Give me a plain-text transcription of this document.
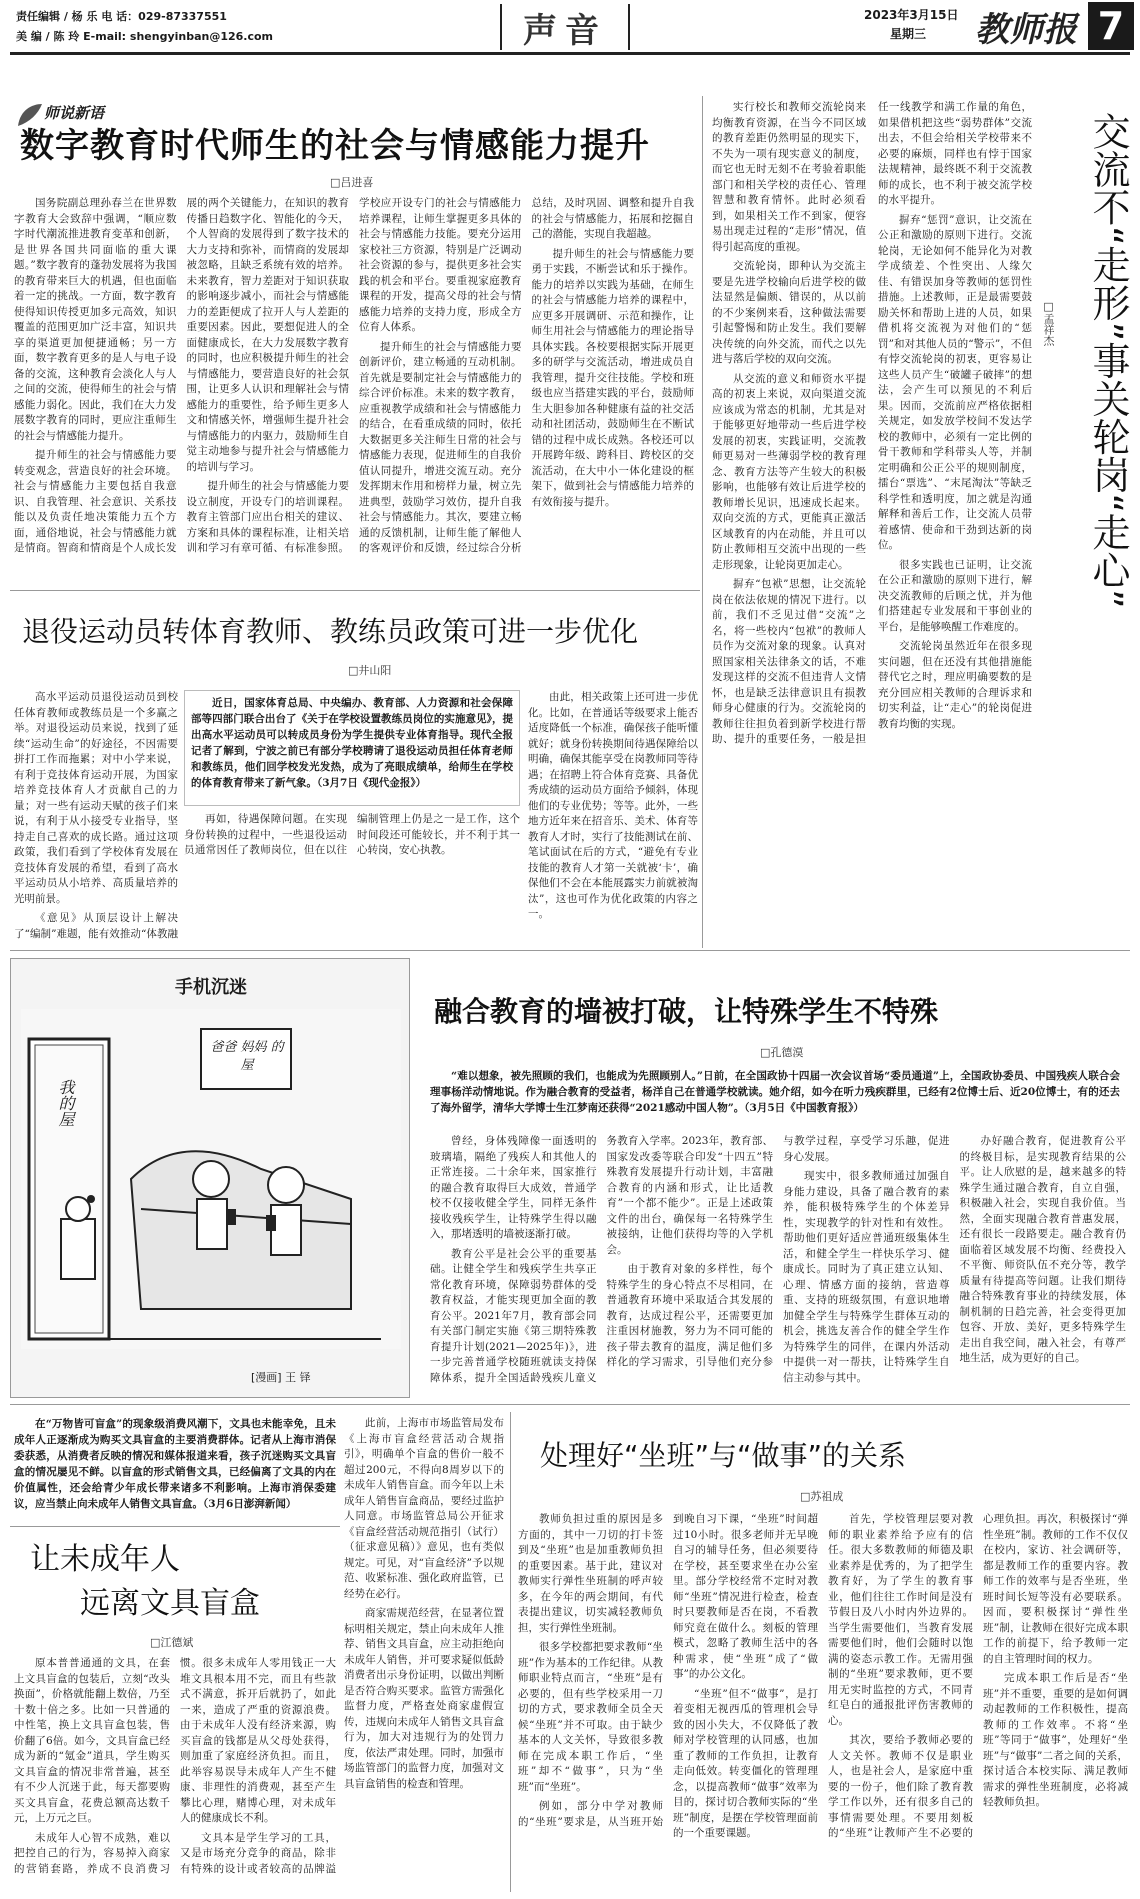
责任编辑 / 杨 乐 电 话：029-87337551
美 编 / 陈 玲 E-mail: shengyinban@126.com	声音	2023年3月15日
星期三 教师报 7
师说新语
数字教育时代师生的社会与情感能力提升
□吕进喜

国务院副总理孙春兰在世界数字教育大会致辞中强调，“顺应数字时代潮流推进教育变革和创新，是世界各国共同面临的重大课题。”数字教育的蓬勃发展将为我国的教育带来巨大的机遇，但也面临着一定的挑战。一方面，数字教育使得知识传授更加多元高效，知识覆盖的范围更加广泛丰富，知识共享的渠道更加便捷通畅；另一方面，数字教育更多的是人与电子设备的交流，这种教育会淡化人与人之间的交流，使得师生的社会与情感能力弱化。因此，我们在大力发展数字教育的同时，更应注重师生的社会与情感能力提升。

提升师生的社会与情感能力要转变观念，营造良好的社会环境。社会与情感能力主要包括自我意识、自我管理、社会意识、关系技能以及负责任地决策能力五个方面，通俗地说，社会与情感能力就是情商。智商和情商是个人成长发展的两个关键能力，在知识的教育传播日趋数字化、智能化的今天，个人智商的发展得到了数字技术的大力支持和弥补，而情商的发展却被忽略，且缺乏系统有效的培养。未来教育，智力差距对于知识获取的影响逐步减小，而社会与情感能力的差距便成了拉开人与人差距的重要因素。因此，要想促进人的全面健康成长，在大力发展数字教育的同时，也应积极提升师生的社会与情感能力，要营造良好的社会氛围，让更多人认识和理解社会与情感能力的重要性，给予师生更多人文和情感关怀，增强师生提升社会与情感能力的内驱力，鼓励师生自觉主动地参与提升社会与情感能力的培训与学习。

提升师生的社会与情感能力要设立制度，开设专门的培训课程。教育主管部门应出台相关的建议、方案和具体的课程标准，让相关培训和学习有章可循、有标准参照。学校应开设专门的社会与情感能力培养课程，让师生掌握更多具体的社会与情感能力技能。要充分运用家校社三方资源，特别是广泛调动社会资源的参与，提供更多社会实践的机会和平台。要重视家庭教育课程的开发，提高父母的社会与情感能力培养的支持力度，形成全方位育人体系。

提升师生的社会与情感能力要创新评价，建立畅通的互动机制。首先就是要制定社会与情感能力的综合评价标准。未来的数字教育，应重视教学成绩和社会与情感能力的结合，在看重成绩的同时，依托大数据更多关注师生日常的社会与情感能力表现，促进师生的自我价值认同提升，增进交流互动。充分发挥期末作用和榜样力量，树立先进典型，鼓励学习效仿，提升自我社会与情感能力。其次，要建立畅通的反馈机制，让师生能了解他人的客观评价和反馈，经过综合分析总结，及时巩固、调整和提升自我的社会与情感能力，拓展和挖掘自己的潜能，实现自我超越。

提升师生的社会与情感能力要勇于实践，不断尝试和乐于操作。能力的培养以实践为基础，在师生的社会与情感能力培养的课程中，应更多开展调研、示范和操作，让师生用社会与情感能力的理论指导具体实践。各校要根据实际开展更多的研学与交流活动，增进成员自我管理，提升交往技能。学校和班级也应当搭建实践的平台，鼓励师生大胆参加各种健康有益的社交活动和社团活动，鼓励师生在不断试错的过程中成长成熟。各校还可以开展跨年级、跨科目、跨校区的交流活动，在大中小一体化建设的框架下，做到社会与情感能力培养的有效衔接与提升。

退役运动员转体育教师、教练员政策可进一步优化
□井山阳

近日，国家体育总局、中央编办、教育部、人力资源和社会保障部等四部门联合出台了《关于在学校设置教练员岗位的实施意见》，提出高水平运动员可以转成员身份为学生提供专业体育指导。现代全报记者了解到，宁波之前已有部分学校聘请了退役运动员担任体育老师和教练员，他们回学校发光发热，成为了亮眼成绩单，给师生在学校的体育教育带来了新气象。（3月7日《现代金报》）

高水平运动员退役运动员到校任体育教师或教练员是一个多赢之举。对退役运动员来说，找到了延续“运动生命”的好途径，不因需要拼打工作而拖累；对中小学来说，有利于竞技体育运动开展，为国家培养竞技体育人才贡献自己的力量；对一些有运动天赋的孩子们来说，有利于从小接受专业指导，坚持走自己喜欢的成长路。通过这项政策，我们看到了学校体育发展在竞技体育发展的希望，看到了高水平运动员从小培养、高质量培养的光明前景。

《意见》从顶层设计上解决了“编制”难题，能有效推动“体教融

再如，待遇保障问题。在实现身份转换的过程中，一些退役运动员通常因任了教师岗位，但在以往编制管理上仍是之一是工作，这个时间段还可能较长，并不利于其一心转岗，安心执教。

由此，相关政策上还可进一步优化。比如，在普通话等级要求上能否适度降低一个标准，确保孩子能听懂就好；就身份转换期间待遇保障给以明确，确保其能享受在岗教师同等待遇；在招聘上符合体育竞赛、具备优秀成绩的运动员方面给予倾斜，体现他们的专业优势；等等。此外，一些地方近年来在招音乐、美术、体育等教育人才时，实行了技能测试在前、笔试面试在后的方式，“避免有专业技能的教育人才第一关就被‘卡’，确保他们不会在本能展露实力前就被淘汰”，这也可作为优化政策的内容之一。

交流不“走形”事关轮岗“走心”
□孟祥杰

实行校长和教师交流轮岗来均衡教育资源，在当今不同区域的教育差距仍然明显的现实下，不失为一项有现实意义的制度，而它也无时无刻不在考验着职能部门和相关学校的责任心、管理智慧和教育情怀。此时必须看到，如果相关工作不到家，便容易出现走过程的“走形”情况，值得引起高度的重视。

交流轮岗，即种认为交流主要是先进学校输向后进学校的做法显然是偏颇、错误的，从以前的不少案例来看，这种做法需要引起警惕和防止发生。我们要解决传统的向外交流，而代之以先进与落后学校的双向交流。

从交流的意义和师资水平提高的初衷上来说，双向渠道交流应该成为常态的机制，尤其是对于能够更好地带动一些后进学校发展的初衷，实践证明，交流教师更易对一些薄弱学校的教育理念、教育方法等产生较大的积极影响，也能够有效让后进学校的教师增长见识，迅速成长起来。双向交流的方式，更能真正激活区域教育的内在动能，并且可以防止教师相互交流中出现的一些走形现象，让轮岗更加走心。

摒弃“包袱”思想，让交流轮岗在依法依规的情况下进行。以前，我们不乏见过借“交流”之名，将一些校内“包袱”的教师人员作为交流对象的现象。认真对照国家相关法律条文的话，不难发现这样的交流不但违背人文情怀，也是缺乏法律意识且有损教师身心健康的行为。交流轮岗的教师往往担负着到新学校进行帮助、提升的重要任务，一般是担任一线教学和满工作量的角色，如果借机把这些“弱势群体”交流出去，不但会给相关学校带来不必要的麻烦，同样也有悖于国家法规精神，最终既不利于交流教师的成长，也不利于被交流学校的水平提升。

摒弃“惩罚”意识，让交流在公正和激励的原则下进行。交流轮岗，无论如何不能异化为对教学成绩差、个性突出、人缘欠佳、有错误加身等教师的惩罚性措施。上述教师，正是最需要鼓励关怀和帮助上进的人员，如果借机将交流视为对他们的“惩罚”和对其他人员的“警示”，不但有悖交流轮岗的初衷，更容易让这些人员产生“破罐子破摔”的想法，会产生可以预见的不利后果。因而，交流前应严格依据相关规定，如发放学校间不发达学校的教师中，必须有一定比例的骨干教师和学科带头人等，并制定明确和公正公平的规则制度，擂台“票选”、“末尾淘汰”等缺乏科学性和透明度，加之就是沟通解释和善后工作，让交流人员带着感情、使命和干劲到达新的岗位。

很多实践也已证明，让交流在公正和激励的原则下进行，解决交流教师的后顾之忧，并为他们搭建起专业发展和干事创业的平台，是能够唤醒工作难度的。

交流轮岗虽然近年在很多现实问题，但在还没有其他措施能替代它之时，理应明确要数的是充分回应相关教师的合理诉求和切实利益，让“走心”的轮岗促进教育均衡的实现。

手机沉迷
我的屋
爸爸 妈妈 的屋
[漫画] 王 铎
融合教育的墙被打破，让特殊学生不特殊
□孔德漠

“难以想象，被先照顾的我们，也能成为先照顾别人。”日前，在全国政协十四届一次会议首场“委员通道”上，全国政协委员、中国残疾人联合会理事杨洋动情地说。作为融合教育的受益者，杨洋自己在普通学校就读。她介绍，如今在听力残疾群里，已经有2位博士后、近20位博士，有的还去了海外留学，清华大学博士生江梦南还获得“2021感动中国人物”。（3月5日《中国教育报》）

曾经，身体残障像一面透明的玻璃墙，隔绝了残疾人和其他人的正常连接。二十余年来，国家推行的融合教育取得巨大成效，普通学校不仅接收健全学生，同样无条件接收残疾学生，让特殊学生得以融入，那堵透明的墙被逐渐打破。

教育公平是社会公平的重要基础。让健全学生和残疾学生共享正常化教育环境，保障弱势群体的受教育权益，才能实现更加全面的教育公平。2021年7月，教育部会同有关部门制定实施《第三期特殊教育提升计划(2021—2025年)》，进一步完善普通学校随班就读支持保障体系，提升全国适龄残疾儿童义务教育入学率。2023年，教育部、国家发改委等联合印发“十四五”特殊教育发展提升行动计划，丰富融合教育的内涵和形式，让比适教育”一个都不能少”。正是上述政策文件的出台，确保每一名特殊学生被接纳，让他们获得均等的入学机会。

由于教育对象的多样性，每个特殊学生的身心特点不尽相同，在普通教育环境中采取适合其发展的教育，达成过程公平，还需要更加注重因材施教，努力为不同可能的孩子带去教育的温度，满足他们多样化的学习需求，引导他们充分参与教学过程，享受学习乐趣，促进身心发展。

现实中，很多教师通过加强自身能力建设，具备了融合教育的素养，能积极特殊学生的个体差异性，实现教学的针对性和有效性。帮助他们更好适应普通班级集体生活，和健全学生一样快乐学习、健康成长。同时为了真正建立认知、心理、情感方面的接纳，营造尊重、支持的班级氛围，有意识地增加健全学生与特殊学生群体互动的机会，挑选友善合作的健全学生作为特殊学生的同伴，在课内外活动中提供一对一帮扶，让特殊学生自信主动参与其中。

办好融合教育，促进教育公平的终极目标，是实现教育结果的公平。让人欣慰的是，越来越多的特殊学生通过融合教育，自立自强，积极融入社会，实现自我价值。当然，全面实现融合教育普惠发展，还有很长一段路要走。融合教育仍面临着区域发展不均衡、经费投入不平衡、师资队伍不充分等，教学质量有待提高等问题。让我们期待融合特殊教育事业的持续发展，体制机制的日趋完善，社会变得更加包容、开放、美好，更多特殊学生走出自我空间，融入社会，有尊严地生活，成为更好的自己。

在“万物皆可盲盒”的现象级消费风潮下，文具也未能幸免，且未成年人正逐渐成为购买文具盲盒的主要消费群体。记者从上海市消保委获悉，从消费者反映的情况和媒体报道来看，孩子沉迷购买文具盲盒的情况屡见不鲜。以盲盒的形式销售文具，已经偏离了文具的内在价值属性，还会给青少年成长带来诸多不利影响。上海市消保委建议，应当禁止向未成年人销售文具盲盒。（3月6日澎湃新闻）

让未成年人
远离文具盲盒
□江德斌

原本普普通通的文具，在套上文具盲盒的包装后，立刻“改头换面”，价格就能翻上数倍，乃至十数十倍之多。比如一只普通的中性笔，换上文具盲盒包装，售价翻了6倍。如今，文具盲盒已经成为新的“氪金”道具，学生购买文具盲盒的情况非常普遍，甚至有不少人沉迷于此，每天都要购买文具盲盒，花费总额高达数千元，上万元之巨。

未成年人心智不成熟，难以把控自己的行为，容易掉入商家的营销套路，养成不良消费习惯。很多未成年人零用钱正一大堆文具根本用不完，而且有些款式不满意，拆开后就扔了，如此一来，造成了严重的资源浪费。由于未成年人没有经济来源，购买盲盒的钱都是从父母处获得，则加重了家庭经济负担。而且，此举容易误导未成年人产生不健康、非理性的消费观，甚至产生攀比心理，赌博心理，对未成年人的健康成长不利。

文具本是学生学习的工具，又是市场充分竞争的商品，除非有特殊的设计或者较高的品牌溢

此前，上海市市场监管局发布《上海市盲盒经营活动合规指引》，明确单个盲盒的售价一般不超过200元，不得向8周岁以下的未成年人销售盲盒。而今年以上未成年人销售盲盒商品，要经过监护人同意。市场监管总局公开征求《盲盒经营活动规范指引（试行）（征求意见稿）》意见，也有类似规定。可见，对“盲盒经济”予以规范、收紧标准、强化政府监管，已经势在必行。

商家需规范经营，在显著位置标明相关规定，禁止向未成年人推荐、销售文具盲盒，应主动拒绝向未成年人销售，并可要求疑似低龄消费者出示身份证明，以做出判断是否符合购买要求。监管方需强化监督力度，严格查处商家虚假宣传，违规向未成年人销售文具盲盒行为，加大对违规行为的处罚力度，依法严肃处理。同时，加强市场监管部门的监督力度，加强对文具盲盒销售的检查和管理。

处理好“坐班”与“做事”的关系
□苏祖成

教师负担过重的原因是多方面的，其中一刀切的打卡签到及“坐班”也是加重教师负担的重要因素。基于此，建议对教师实行弹性坐班制的呼声较多，在今年的两会期间，有代表提出建议，切实减轻教师负担，实行弹性坐班制。

很多学校都把要求教师“坐班”作为基本的工作纪律。从教师职业特点而言，“坐班”是有必要的，但有些学校采用一刀切的方式，要求教师全员全天候“坐班”并不可取。由于缺少基本的人文关怀，导致很多教师在完成本职工作后，“坐班”却不“做事”，只为“坐班”而“坐班”。

例如，部分中学对教师的“坐班”要求是，从当班开始到晚自习下课，“坐班”时间超过10小时。很多老师并无早晚自习的辅导任务，但必须要待在学校，甚至要求坐在办公室里。部分学校经常不定时对教师“坐班”情况进行检查，检查时只要教师是否在岗，不看教师究竟在做什么。刻板的管理模式，忽略了教师生活中的各种需求，使“坐班”成了“做事”的办公文化。

“坐班”但不“做事”，是打着变相无视西瓜的管理机会导致的因小失大，不仅降低了教师对学校管理的认同感，也加重了教师的工作负担，让教育走向低效。转变僵化的管理理念，以提高教师“做事”效率为目的，探讨切合教师实际的“坐班”制度，是摆在学校管理面前的一个重要课题。

首先，学校管理层要对教师的职业素养给予应有的信任。很大多数教师的师德及职业素养是优秀的，为了把学生教育好，为了学生的教育事业，他们往往工作时间是没有节假日及八小时内外边界的。当学生需要他们，当教育发展需要他们时，他们会随时以饱满的姿态示教工作。无需用强制的“坐班”要求教师，更不要用无实时监控的方式，不同青红皂白的通报批评伤害教师的心。

其次，要给予教师必要的人文关怀。教师不仅是职业人，也是社会人，是家庭中重要的一份子，他们除了教育教学工作以外，还有很多自己的事情需要处理。不要用刻板的“坐班”让教师产生不必要的心理负担。再次，积极探讨“弹性坐班”制。教师的工作不仅仅在校内，家访、社会调研等，都是教师工作的重要内容。教师工作的效率与是否坐班，坐班时间长短等没有必要联系。因而，要积极探讨“弹性坐班”制，让教师在很好完成本职工作的前提下，给予教师一定的自主管理时间的权力。

完成本职工作后是否“坐班”并不重要，重要的是如何调动起教师的工作积极性，提高教师的工作效率。不将“坐班”等同于“做事”，处理好“坐班”与“做事”二者之间的关系，探讨适合本校实际、满足教师需求的弹性坐班制度，必将减轻教师负担。
